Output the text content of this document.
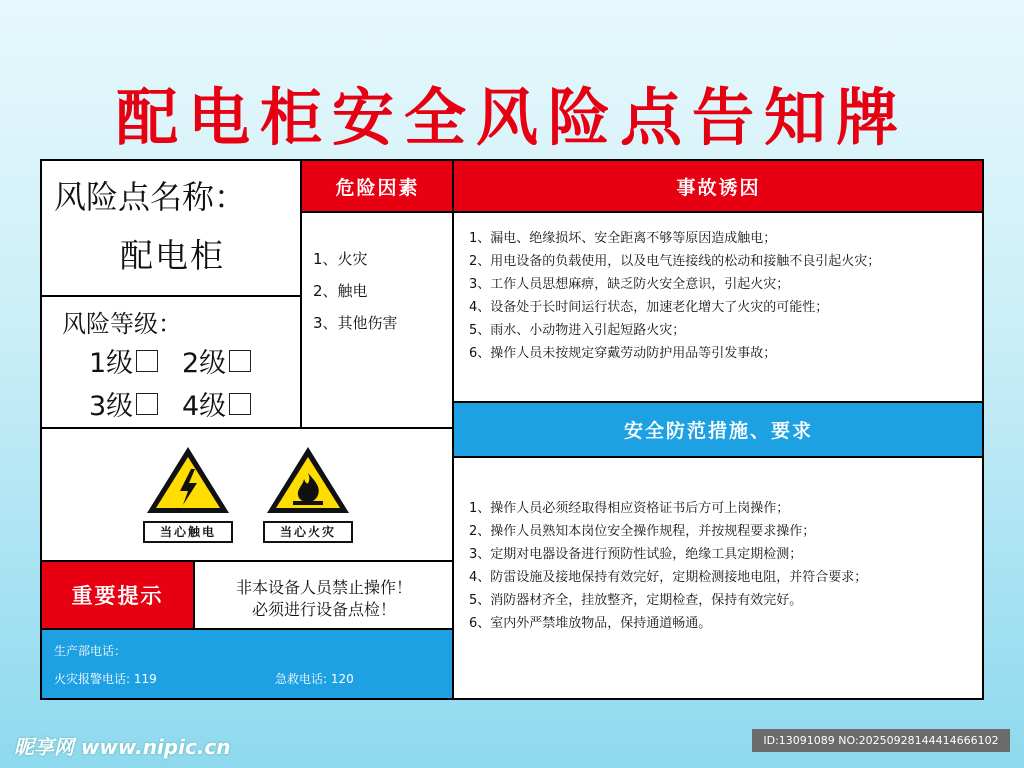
配电柜安全风险点告知牌
危险因素	事故诱因
安全防范措施、要求
重要提示
风险点名称：
配电柜
风险等级：
1级 2级
3级 4级
1、火灾
2、触电
3、其他伤害
1、漏电、绝缘损坏、安全距离不够等原因造成触电；
2、用电设备的负载使用，以及电气连接线的松动和接触不良引起火灾；
3、工作人员思想麻痹，缺乏防火安全意识，引起火灾；
4、设备处于长时间运行状态，加速老化增大了火灾的可能性；
5、雨水、小动物进入引起短路火灾；
6、操作人员未按规定穿戴劳动防护用品等引发事故；
1、操作人员必须经取得相应资格证书后方可上岗操作；
2、操作人员熟知本岗位安全操作规程，并按规程要求操作；
3、定期对电器设备进行预防性试验，绝缘工具定期检测；
4、防雷设施及接地保持有效完好，定期检测接地电阻，并符合要求；
5、消防器材齐全，挂放整齐，定期检查，保持有效完好。
6、室内外严禁堆放物品，保持通道畅通。
当心触电	当心火灾
非本设备人员禁止操作！
必须进行设备点检！
生产部电话：
火灾报警电话: 119	急救电话: 120
昵享网 www.nipic.cn	ID:13091089 NO:20250928144414666102
